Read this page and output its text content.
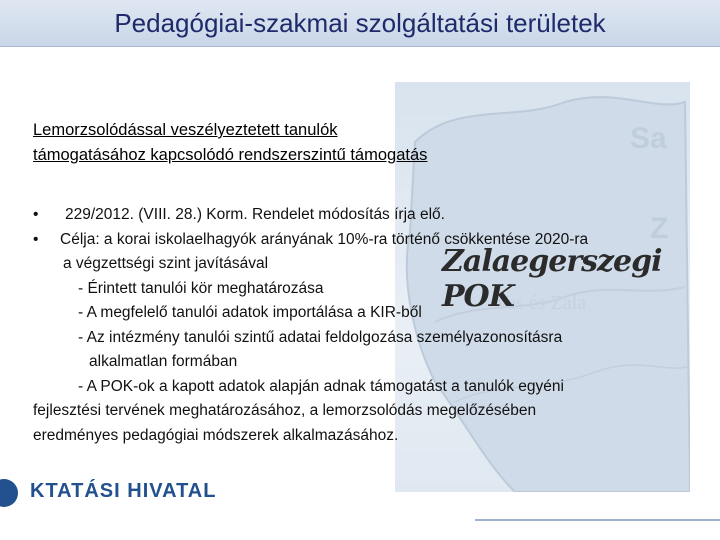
Pedagógiai-szakmai szolgáltatási területek
Sa
Z
Vas és Zala
Zalaegerszegi POK
Lemorzsolódással veszélyeztetett tanulók
támogatásához kapcsolódó rendszerszintű támogatás
• 229/2012. (VIII. 28.) Korm. Rendelet módosítás írja elő.
• Célja: a korai iskolaelhagyók arányának 10%-ra történő csökkentése 2020-ra
a végzettségi szint javításával
- Érintett tanulói kör meghatározása
- A megfelelő tanulói adatok importálása a KIR-ből
- Az intézmény tanulói szintű adatai feldolgozása személyazonosításra
alkalmatlan formában
- A POK-ok a kapott adatok alapján adnak támogatást a tanulók egyéni
fejlesztési tervének meghatározásához, a lemorzsolódás megelőzésében
eredményes pedagógiai módszerek alkalmazásához.
KTATÁSI HIVATAL
